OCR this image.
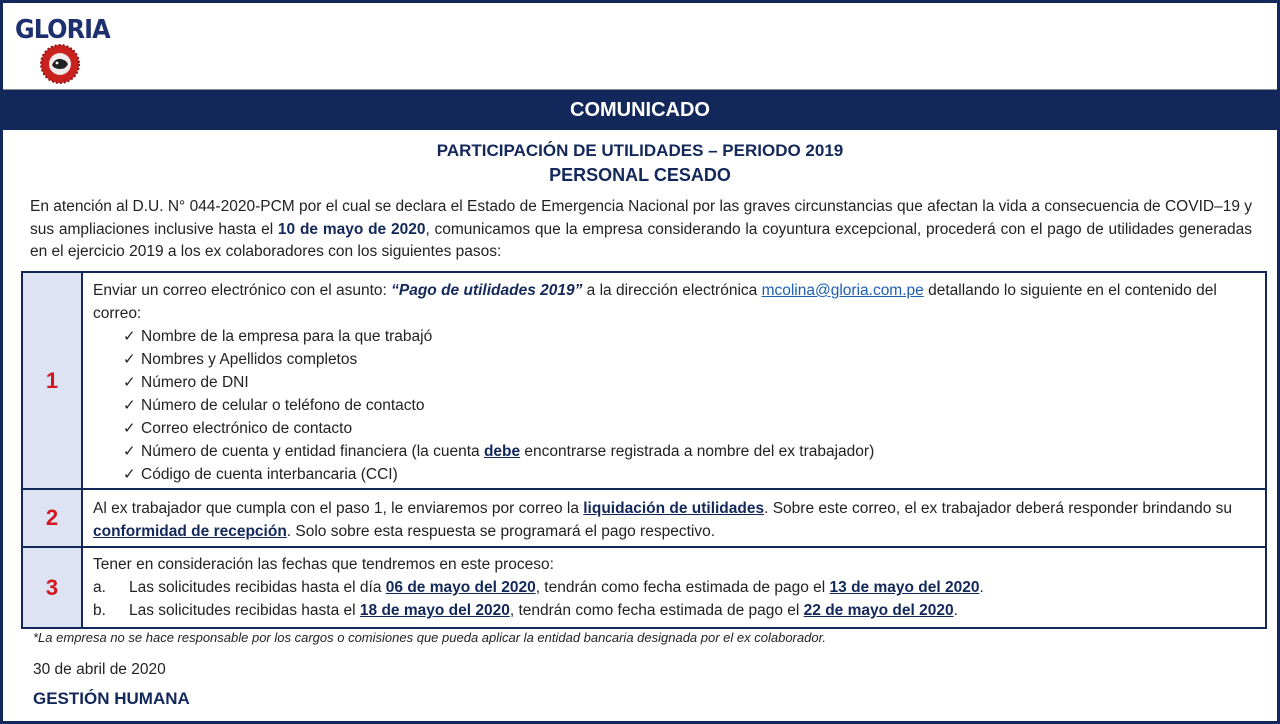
GLORIA
COMUNICADO
PARTICIPACIÓN DE UTILIDADES – PERIODO 2019
PERSONAL CESADO
En atención al D.U. N° 044-2020-PCM por el cual se declara el Estado de Emergencia Nacional por las graves circunstancias que afectan la vida a consecuencia de COVID–19 y sus ampliaciones inclusive hasta el 10 de mayo de 2020, comunicamos que la empresa considerando la coyuntura excepcional, procederá con el pago de utilidades generadas en el ejercicio 2019 a los ex colaboradores con los siguientes pasos:
1
Enviar un correo electrónico con el asunto: “Pago de utilidades 2019” a la dirección electrónica mcolina@gloria.com.pe detallando lo siguiente en el contenido del correo:
✓ Nombre de la empresa para la que trabajó
✓ Nombres y Apellidos completos
✓ Número de DNI
✓ Número de celular o teléfono de contacto
✓ Correo electrónico de contacto
✓ Número de cuenta y entidad financiera (la cuenta debe encontrarse registrada a nombre del ex trabajador)
✓ Código de cuenta interbancaria (CCI)
2	Al ex trabajador que cumpla con el paso 1, le enviaremos por correo la liquidación de utilidades. Sobre este correo, el ex trabajador deberá responder brindando su conformidad de recepción. Solo sobre esta respuesta se programará el pago respectivo.
3
Tener en consideración las fechas que tendremos en este proceso:
a.	Las solicitudes recibidas hasta el día 06 de mayo del 2020, tendrán como fecha estimada de pago el 13 de mayo del 2020.
b.	Las solicitudes recibidas hasta el 18 de mayo del 2020, tendrán como fecha estimada de pago el 22 de mayo del 2020.
*La empresa no se hace responsable por los cargos o comisiones que pueda aplicar la entidad bancaria designada por el ex colaborador.
30 de abril de 2020
GESTIÓN HUMANA
